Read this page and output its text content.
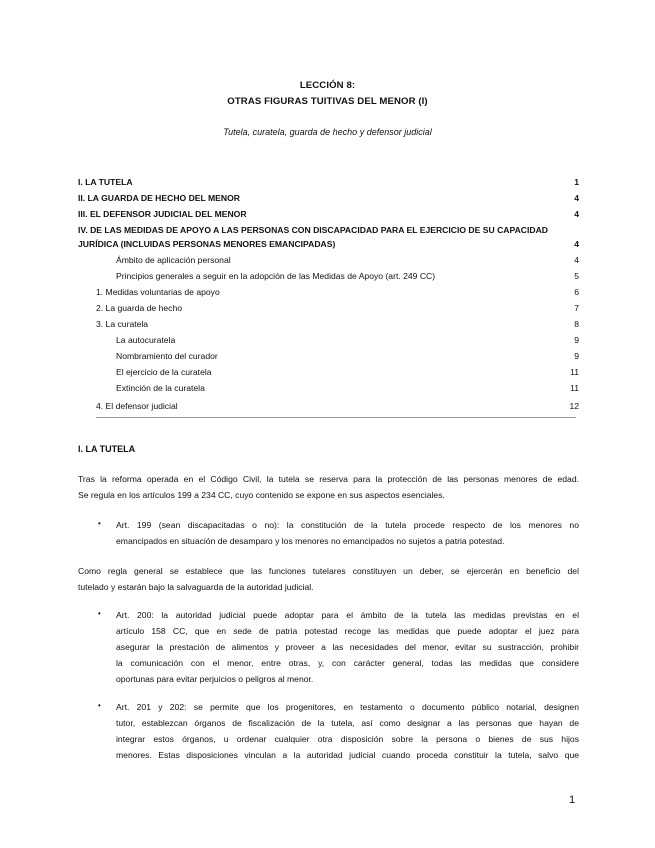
LECCIÓN 8:
OTRAS FIGURAS TUITIVAS DEL MENOR (I)
Tutela, curatela, guarda de hecho y defensor judicial
I. LA TUTELA	1
II. LA GUARDA DE HECHO DEL MENOR	4
III. EL DEFENSOR JUDICIAL DEL MENOR	4
IV. DE LAS MEDIDAS DE APOYO A LAS PERSONAS CON DISCAPACIDAD PARA EL EJERCICIO DE SU CAPACIDAD
JURÍDICA (INCLUIDAS PERSONAS MENORES EMANCIPADAS)	4
Ámbito de aplicación personal	4
Principios generales a seguir en la adopción de las Medidas de Apoyo (art. 249 CC)	5
1. Medidas voluntarias de apoyo	6
2. La guarda de hecho	7
3. La curatela	8
La autocuratela	9
Nombramiento del curador	9
El ejercicio de la curatela	11
Extinción de la curatela	11
4. El defensor judicial	12
I. LA TUTELA
Tras la reforma operada en el Código Civil, la tutela se reserva para la protección de las personas menores de edad.
Se regula en los artículos 199 a 234 CC, cuyo contenido se expone en sus aspectos esenciales.
• Art. 199 (sean discapacitadas o no): la constitución de la tutela procede respecto de los menores no
emancipados en situación de desamparo y los menores no emancipados no sujetos a patria potestad.
Como regla general se establece que las funciones tutelares constituyen un deber, se ejercerán en beneficio del
tutelado y estarán bajo la salvaguarda de la autoridad judicial.
• Art. 200: la autoridad judicial puede adoptar para el ámbito de la tutela las medidas previstas en el
artículo 158 CC, que en sede de patria potestad recoge las medidas que puede adoptar el juez para
asegurar la prestación de alimentos y proveer a las necesidades del menor, evitar su sustracción, prohibir
la comunicación con el menor, entre otras, y, con carácter general, todas las medidas que considere
oportunas para evitar perjuicios o peligros al menor.
• Art. 201 y 202: se permite que los progenitores, en testamento o documento público notarial, designen
tutor, establezcan órganos de fiscalización de la tutela, así como designar a las personas que hayan de
integrar estos órganos, u ordenar cualquier otra disposición sobre la persona o bienes de sus hijos
menores. Estas disposiciones vinculan a la autoridad judicial cuando proceda constituir la tutela, salvo que
1
